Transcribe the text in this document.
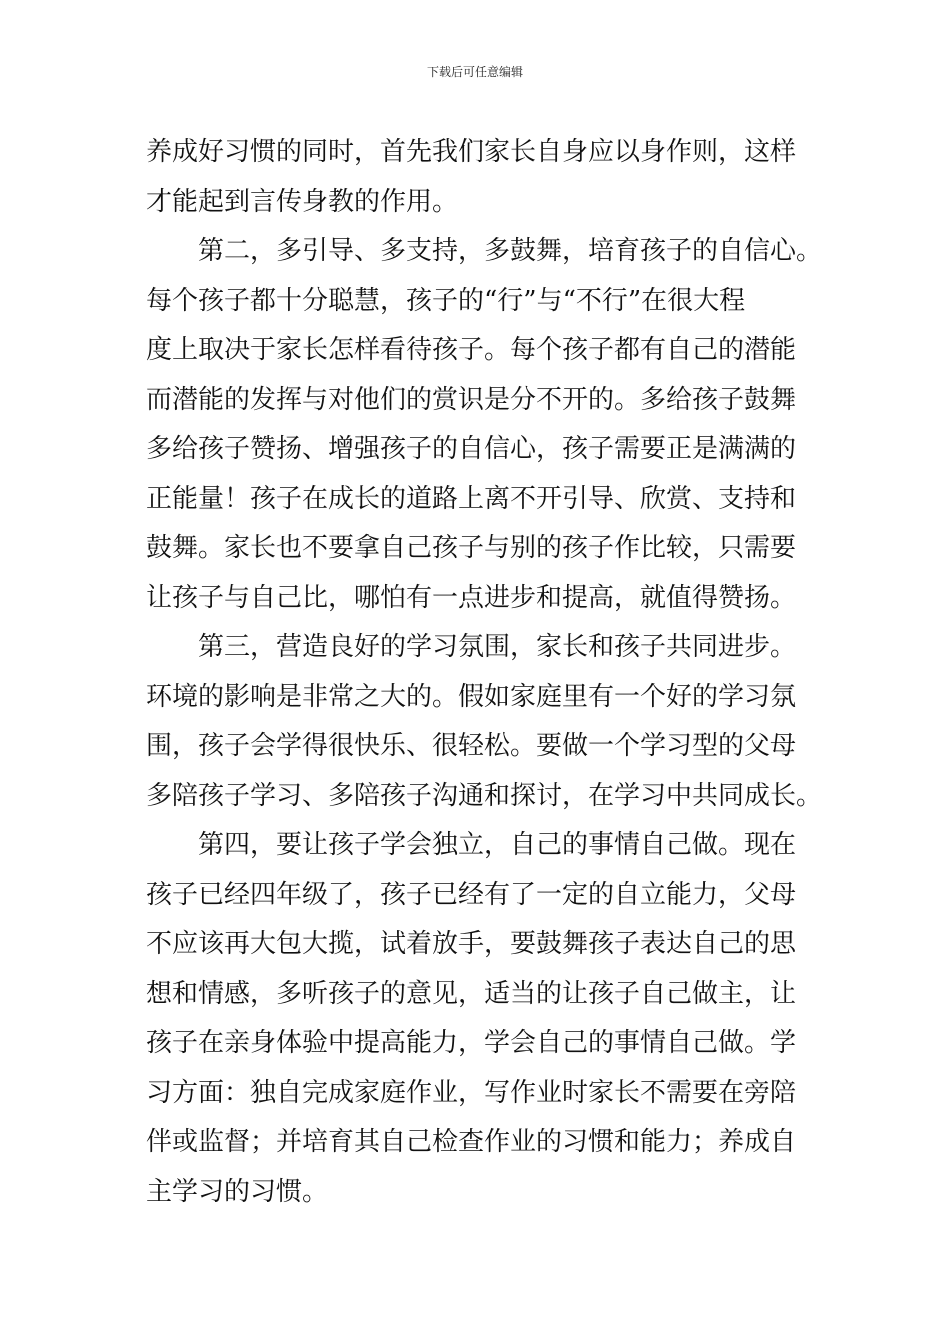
下载后可任意编辑
养成好习惯的同时，首先我们家长自身应以身作则，这样
才能起到言传身教的作用。
　　第二，多引导、多支持，多鼓舞，培育孩子的自信心。
每个孩子都十分聪慧，孩子的“行”与“不行”在很大程
度上取决于家长怎样看待孩子。每个孩子都有自己的潜能
而潜能的发挥与对他们的赏识是分不开的。多给孩子鼓舞
多给孩子赞扬、增强孩子的自信心，孩子需要正是满满的
正能量！孩子在成长的道路上离不开引导、欣赏、支持和
鼓舞。家长也不要拿自己孩子与别的孩子作比较，只需要
让孩子与自己比，哪怕有一点进步和提高，就值得赞扬。
　　第三，营造良好的学习氛围，家长和孩子共同进步。
环境的影响是非常之大的。假如家庭里有一个好的学习氛
围，孩子会学得很快乐、很轻松。要做一个学习型的父母
多陪孩子学习、多陪孩子沟通和探讨，在学习中共同成长。
　　第四，要让孩子学会独立，自己的事情自己做。现在
孩子已经四年级了，孩子已经有了一定的自立能力，父母
不应该再大包大揽，试着放手，要鼓舞孩子表达自己的思
想和情感，多听孩子的意见，适当的让孩子自己做主，让
孩子在亲身体验中提高能力，学会自己的事情自己做。学
习方面：独自完成家庭作业，写作业时家长不需要在旁陪
伴或监督；并培育其自己检查作业的习惯和能力；养成自
主学习的习惯。
